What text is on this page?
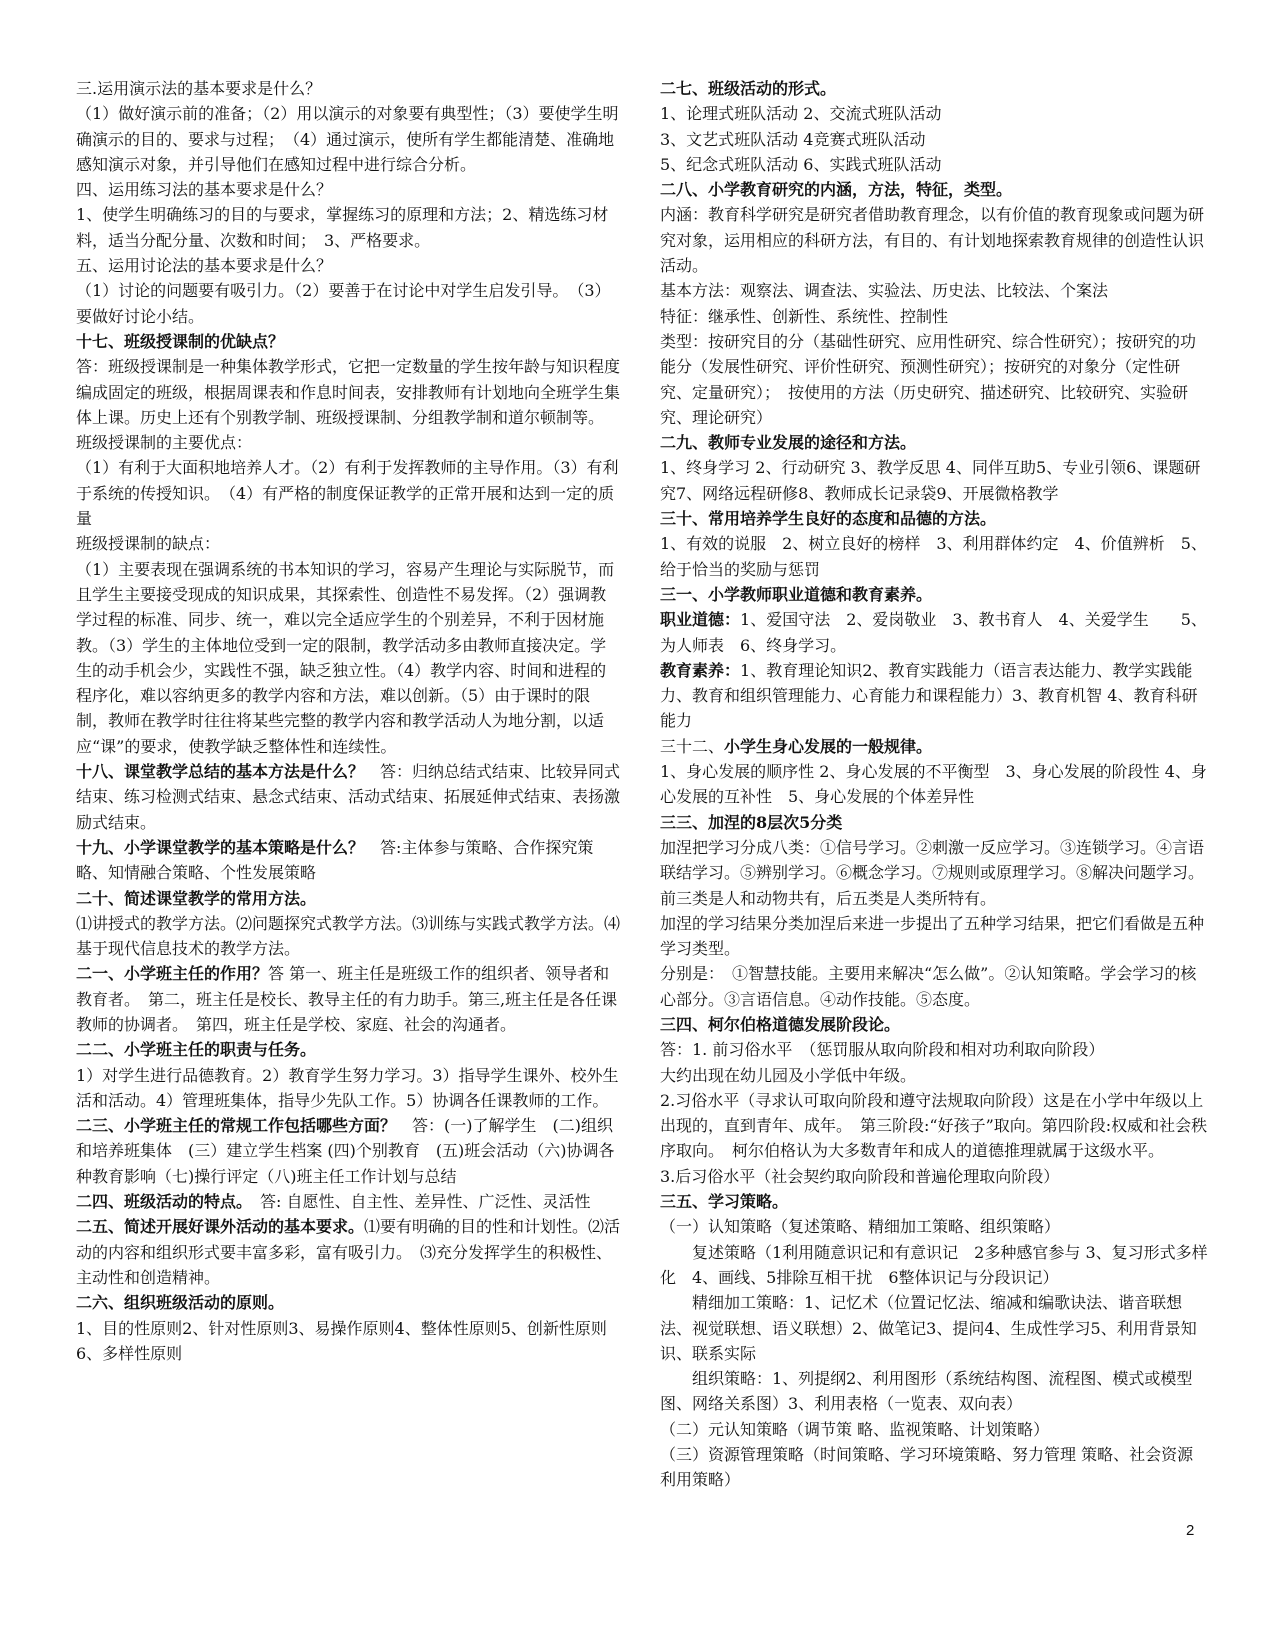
三.运用演示法的基本要求是什么？
（1）做好演示前的准备；（2）用以演示的对象要有典型性；（3）要使学生明确演示的目的、要求与过程；　（4）通过演示，使所有学生都能清楚、准确地感知演示对象，并引导他们在感知过程中进行综合分析。
四、运用练习法的基本要求是什么？
1、使学生明确练习的目的与要求，掌握练习的原理和方法；2、精选练习材料，适当分配分量、次数和时间；　3、严格要求。
五、运用讨论法的基本要求是什么？
（1）讨论的问题要有吸引力。（2）要善于在讨论中对学生启发引导。　（3）要做好讨论小结。
十七、班级授课制的优缺点？
答：班级授课制是一种集体教学形式，它把一定数量的学生按年龄与知识程度编成固定的班级，根据周课表和作息时间表，安排教师有计划地向全班学生集体上课。历史上还有个别教学制、班级授课制、分组教学制和道尔顿制等。
班级授课制的主要优点：
（1）有利于大面积地培养人才。（2）有利于发挥教师的主导作用。（3）有利于系统的传授知识。　（4）有严格的制度保证教学的正常开展和达到一定的质量
班级授课制的缺点：
（1）主要表现在强调系统的书本知识的学习，容易产生理论与实际脱节，而且学生主要接受现成的知识成果，其探索性、创造性不易发挥。（2）强调教学过程的标准、同步、统一，难以完全适应学生的个别差异，不利于因材施教。（3）学生的主体地位受到一定的限制，教学活动多由教师直接决定。学生的动手机会少，实践性不强，缺乏独立性。（4）教学内容、时间和进程的程序化，难以容纳更多的教学内容和方法，难以创新。（5）由于课时的限制，教师在教学时往往将某些完整的教学内容和教学活动人为地分割，以适应“课”的要求，使教学缺乏整体性和连续性。
十八、课堂教学总结的基本方法是什么？　答：归纳总结式结束、比较异同式结束、练习检测式结束、悬念式结束、活动式结束、拓展延伸式结束、表扬激励式结束。
十九、小学课堂教学的基本策略是什么？　答:主体参与策略、合作探究策略、知情融合策略、个性发展策略
二十、简述课堂教学的常用方法。
⑴讲授式的教学方法。⑵问题探究式教学方法。⑶训练与实践式教学方法。⑷基于现代信息技术的教学方法。
二一、小学班主任的作用？答 第一、班主任是班级工作的组织者、领导者和教育者。　第二，班主任是校长、教导主任的有力助手。第三,班主任是各任课教师的协调者。　第四，班主任是学校、家庭、社会的沟通者。
二二、小学班主任的职责与任务。
1）对学生进行品德教育。2）教育学生努力学习。3）指导学生课外、校外生活和活动。4）管理班集体，指导少先队工作。5）协调各任课教师的工作。
二三、小学班主任的常规工作包括哪些方面？　答：(一)了解学生　(二)组织和培养班集体　(三）建立学生档案 (四)个别教育　(五)班会活动（六)协调各种教育影响（七)操行评定（八)班主任工作计划与总结
二四、班级活动的特点。　答: 自愿性、自主性、差异性、广泛性、灵活性
二五、简述开展好课外活动的基本要求。⑴要有明确的目的性和计划性。⑵活动的内容和组织形式要丰富多彩，富有吸引力。　⑶充分发挥学生的积极性、主动性和创造精神。
二六、组织班级活动的原则。
1、目的性原则2、针对性原则3、易操作原则4、整体性原则5、创新性原则6、多样性原则
二七、班级活动的形式。
1、论理式班队活动 2、交流式班队活动
3、文艺式班队活动 4竞赛式班队活动
5、纪念式班队活动 6、实践式班队活动
二八、小学教育研究的内涵，方法，特征，类型。
内涵：教育科学研究是研究者借助教育理念，以有价值的教育现象或问题为研究对象，运用相应的科研方法，有目的、有计划地探索教育规律的创造性认识活动。
基本方法：观察法、调查法、实验法、历史法、比较法、个案法
特征：继承性、创新性、系统性、控制性
类型：按研究目的分（基础性研究、应用性研究、综合性研究）；按研究的功能分（发展性研究、评价性研究、预测性研究）；按研究的对象分（定性研究、定量研究）；　按使用的方法（历史研究、描述研究、比较研究、实验研究、理论研究）
二九、教师专业发展的途径和方法。
1、终身学习 2、行动研究 3、教学反思 4、同伴互助5、专业引领6、课题研究7、网络远程研修8、教师成长记录袋9、开展微格教学
三十、常用培养学生良好的态度和品德的方法。
1、有效的说服　2、树立良好的榜样　3、利用群体约定　4、价值辨析　5、给于恰当的奖励与惩罚
三一、小学教师职业道德和教育素养。
职业道德：1、爱国守法　2、爱岗敬业　3、教书育人　4、关爱学生　　5、为人师表　6、终身学习。
教育素养：1、教育理论知识2、教育实践能力（语言表达能力、教学实践能力、教育和组织管理能力、心育能力和课程能力）3、教育机智 4、教育科研能力
三十二、小学生身心发展的一般规律。
1、身心发展的顺序性 2、身心发展的不平衡型　3、身心发展的阶段性 4、身心发展的互补性　5、身心发展的个体差异性
三三、加涅的8层次5分类
加涅把学习分成八类：①信号学习。②刺激一反应学习。③连锁学习。④言语联结学习。⑤辨别学习。⑥概念学习。⑦规则或原理学习。⑧解决问题学习。
前三类是人和动物共有，后五类是人类所特有。
加涅的学习结果分类加涅后来进一步提出了五种学习结果，把它们看做是五种学习类型。
分别是：　①智慧技能。主要用来解决“怎么做”。②认知策略。学会学习的核心部分。③言语信息。④动作技能。⑤态度。
三四、柯尔伯格道德发展阶段论。
答：1. 前习俗水平　（惩罚服从取向阶段和相对功利取向阶段）
大约出现在幼儿园及小学低中年级。
2.习俗水平（寻求认可取向阶段和遵守法规取向阶段）这是在小学中年级以上出现的，直到青年、成年。　第三阶段:“好孩子”取向。第四阶段:权威和社会秩序取向。　柯尔伯格认为大多数青年和成人的道德推理就属于这级水平。
3.后习俗水平（社会契约取向阶段和普遍伦理取向阶段）
三五、学习策略。
（一）认知策略（复述策略、精细加工策略、组织策略）
复述策略（1利用随意识记和有意识记　2多种感官参与 3、复习形式多样化　4、画线、5排除互相干扰　6整体识记与分段识记）
精细加工策略：1、记忆术（位置记忆法、缩减和编歌诀法、谐音联想法、视觉联想、语义联想）2、做笔记3、提问4、生成性学习5、利用背景知识、联系实际
组织策略：1、列提纲2、利用图形（系统结构图、流程图、模式或模型图、网络关系图）3、利用表格（一览表、双向表）
（二）元认知策略（调节策 略、监视策略、计划策略）
（三）资源管理策略（时间策略、学习环境策略、努力管理 策略、社会资源利用策略）
2
